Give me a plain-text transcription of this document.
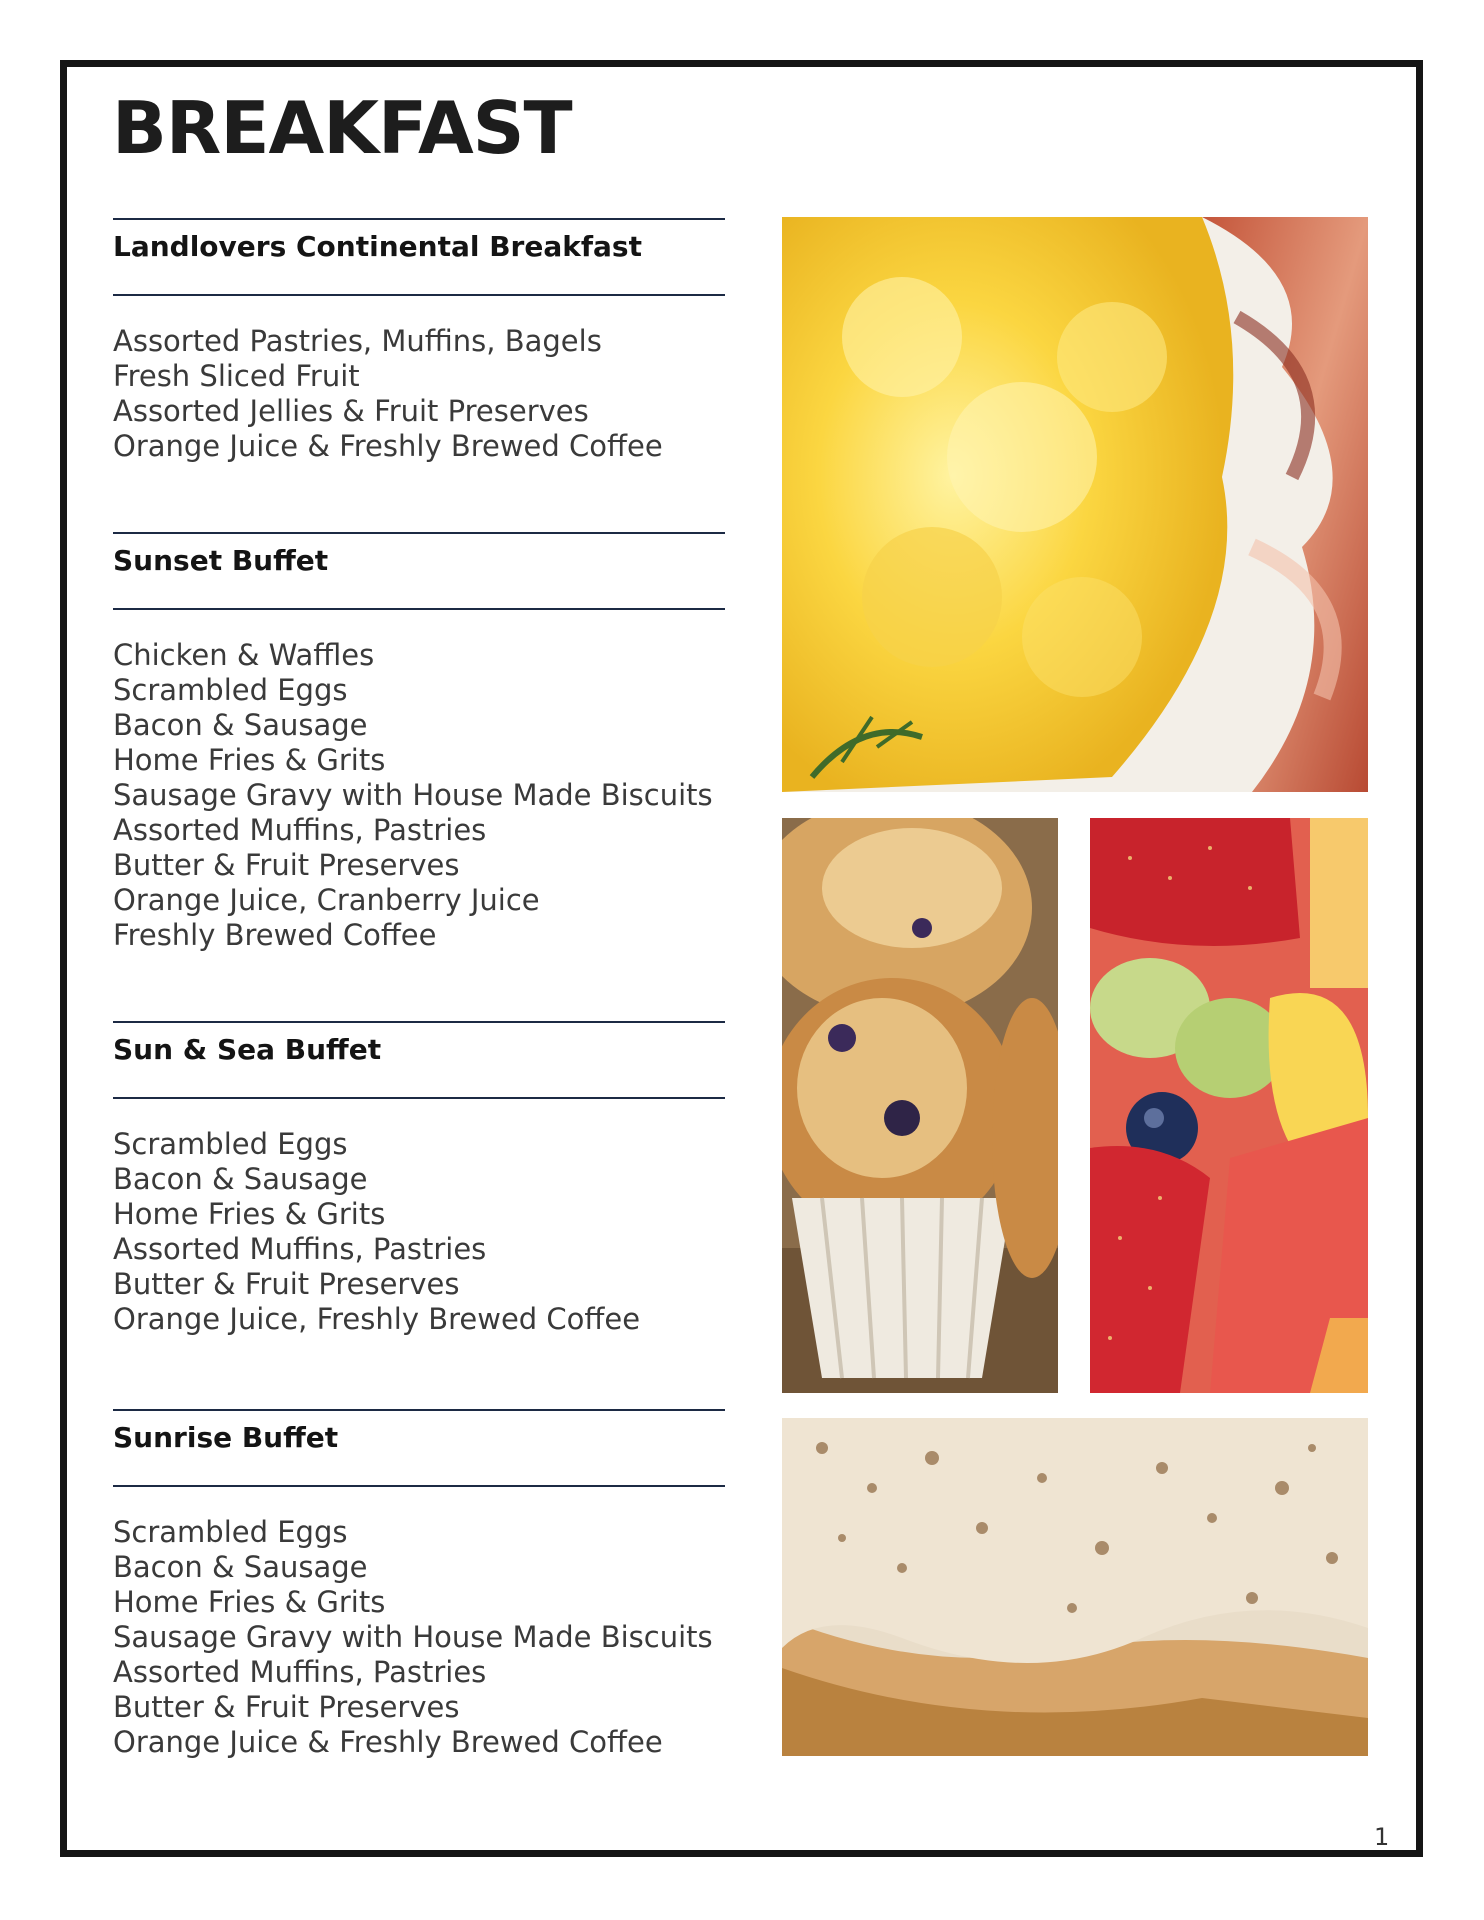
BREAKFAST
Landlovers Continental Breakfast
Assorted Pastries, Muffins, Bagels
Fresh Sliced Fruit
Assorted Jellies & Fruit Preserves
Orange Juice & Freshly Brewed Coffee
Sunset Buffet
Chicken & Waffles
Scrambled Eggs
Bacon & Sausage
Home Fries & Grits
Sausage Gravy with House Made Biscuits
Assorted Muffins, Pastries
Butter & Fruit Preserves
Orange Juice, Cranberry Juice
Freshly Brewed Coffee
Sun & Sea Buffet
Scrambled Eggs
Bacon & Sausage
Home Fries & Grits
Assorted Muffins, Pastries
Butter & Fruit Preserves
Orange Juice, Freshly Brewed Coffee
Sunrise Buffet
Scrambled Eggs
Bacon & Sausage
Home Fries & Grits
Sausage Gravy with House Made Biscuits
Assorted Muffins, Pastries
Butter & Fruit Preserves
Orange Juice & Freshly Brewed Coffee
1
